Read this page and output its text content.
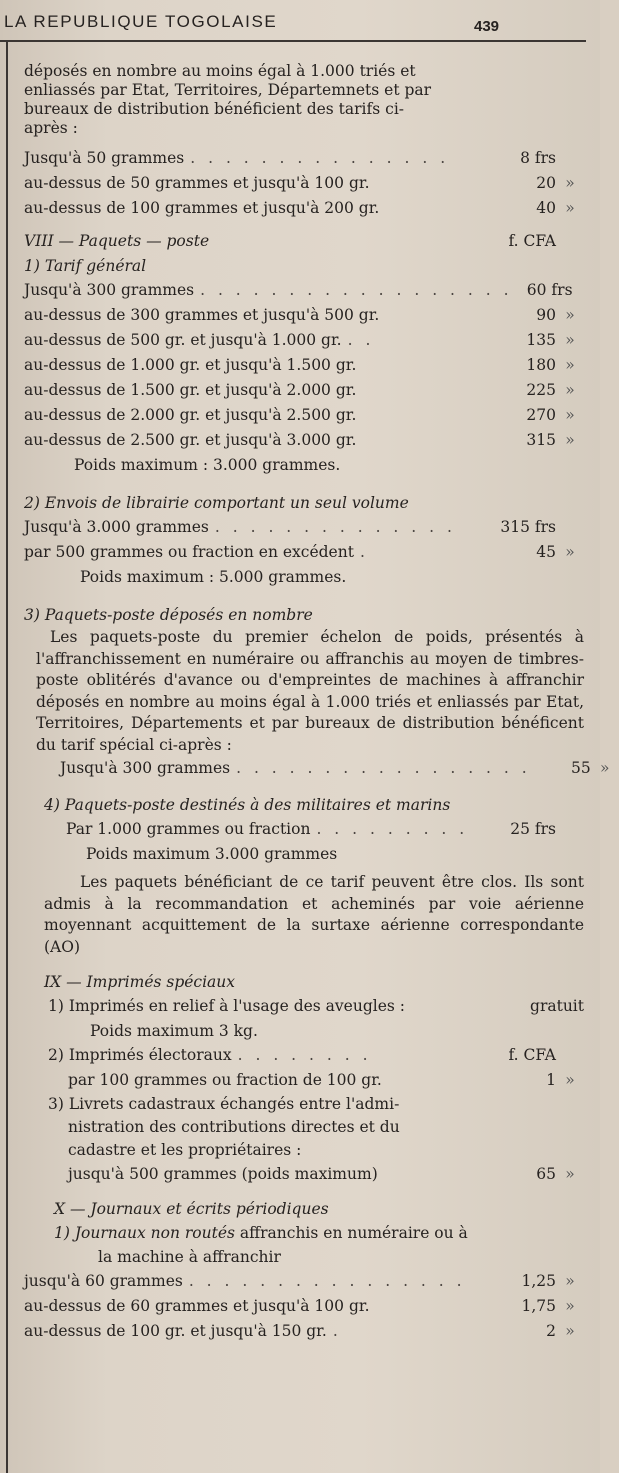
LA REPUBLIQUE TOGOLAISE	439
déposés en nombre au moins égal à 1.000 triés et
enliassés par Etat, Territoires, Départemnets et par
bureaux de distribution bénéficient des tarifs ci-
après :
Jusqu'à 50 grammes . . . . . . . . . . . . . . .	8 frs
au-dessus de 50 grammes et jusqu'à 100 gr.	20 »
au-dessus de 100 grammes et jusqu'à 200 gr.	40 »
VIII — Paquets — poste	f. CFA
1) Tarif général
Jusqu'à 300 grammes . . . . . . . . . . . . . . . . . . 60 frs
au-dessus de 300 grammes et jusqu'à 500 gr.	90 »
au-dessus de 500 gr. et jusqu'à 1.000 gr. . .	135 »
au-dessus de 1.000 gr. et jusqu'à 1.500 gr.	180 »
au-dessus de 1.500 gr. et jusqu'à 2.000 gr.	225 »
au-dessus de 2.000 gr. et jusqu'à 2.500 gr.	270 »
au-dessus de 2.500 gr. et jusqu'à 3.000 gr.	315 »
Poids maximum : 3.000 grammes.
2) Envois de librairie comportant un seul volume
Jusqu'à 3.000 grammes . . . . . . . . . . . . . .	315 frs
par 500 grammes ou fraction en excédent .	45 »
Poids maximum : 5.000 grammes.
3) Paquets-poste déposés en nombre
Les paquets-poste du premier échelon de poids, présentés à l'affranchissement en numéraire ou affranchis au moyen de timbres-poste oblitérés d'avance ou d'empreintes de machines à affranchir déposés en nombre au moins égal à 1.000 triés et enliassés par Etat, Territoires, Départements et par bureaux de distribution bénéficent du tarif spécial ci-après :
Jusqu'à 300 grammes . . . . . . . . . . . . . . . . .	55 »
4) Paquets-poste destinés à des militaires et marins
Par 1.000 grammes ou fraction . . . . . . . . .	25 frs
Poids maximum 3.000 grammes
Les paquets bénéficiant de ce tarif peuvent être clos. Ils sont admis à la recommandation et acheminés par voie aérienne moyennant acquittement de la surtaxe aérienne correspondante (AO)
IX — Imprimés spéciaux
1) Imprimés en relief à l'usage des aveugles :	gratuit
Poids maximum 3 kg.
2) Imprimés électoraux . . . . . . . .	f. CFA
par 100 grammes ou fraction de 100 gr.	1 »
3) Livrets cadastraux échangés entre l'admi-
nistration des contributions directes et du
cadastre et les propriétaires :
jusqu'à 500 grammes (poids maximum)	65 »
X — Journaux et écrits périodiques
1) Journaux non routés affranchis en numéraire ou à
la machine à affranchir
jusqu'à 60 grammes . . . . . . . . . . . . . . . .	1,25 »
au-dessus de 60 grammes et jusqu'à 100 gr.	1,75 »
au-dessus de 100 gr. et jusqu'à 150 gr. .	2 »
